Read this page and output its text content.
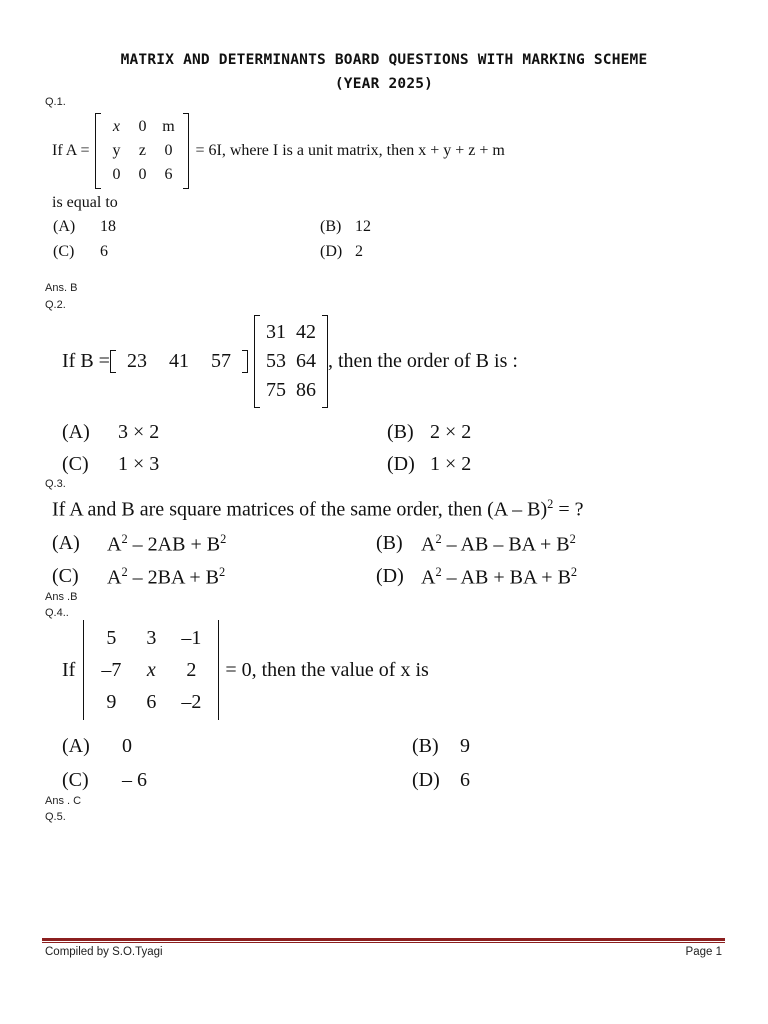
MATRIX AND DETERMINANTS BOARD QUESTIONS WITH MARKING SCHEME
(YEAR 2025)
Q.1.
If A =
x	0	m
y	z	0
0	0	6
= 6I, where I is a unit matrix, then x + y + z + m
is equal to
(A) 18	(B) 12
(C) 6	(D) 2
Ans. B
Q.2.
If B = 23 41 57
31	42
53	64
75	86
, then the order of B is :
(A) 3 × 2	(B) 2 × 2
(C) 1 × 3	(D) 1 × 2
Q.3.
If A and B are square matrices of the same order, then (A – B)$^2$ = ?
(A) $A^2 - 2AB + B^2$	(B) $A^2$ – AB – BA + $B^2$
(C) $A^2 - 2BA + B^2$	(D) $A^2$ – AB + BA + $B^2$
Ans .B
Q.4..
If
5	3	–1
–7	x	2
9	6	–2
= 0, then the value of x is
(A) 0	(B) 9
(C) – 6	(D) 6
Ans . C
Q.5.
Compiled by S.O.Tyagi	Page 1
